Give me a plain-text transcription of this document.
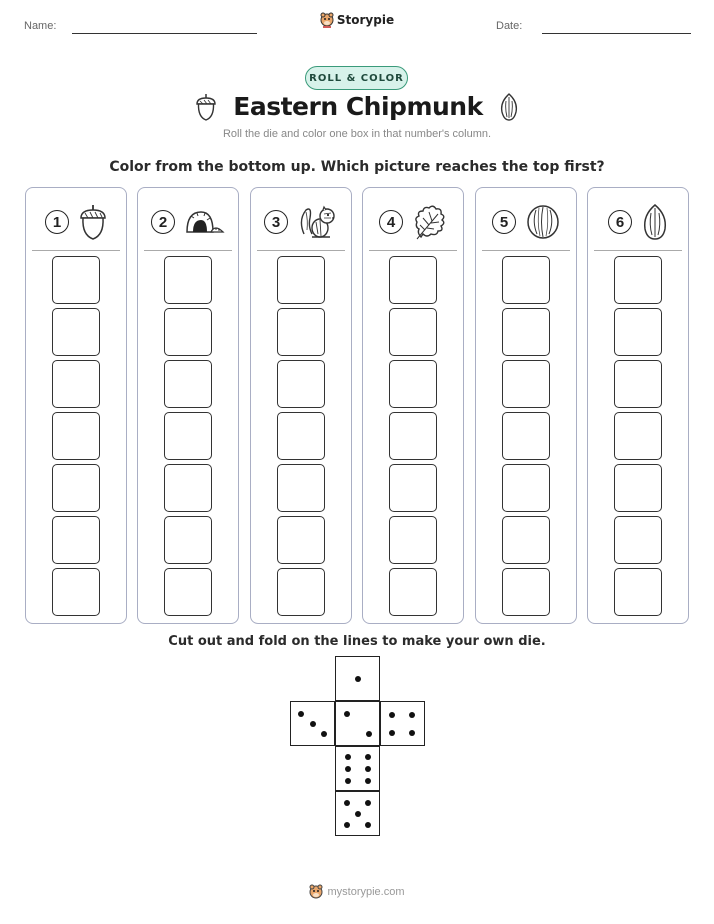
Name:	Storypie	Date:
ROLL & COLOR
Eastern Chipmunk
Roll the die and color one box in that number's column.
Color from the bottom up. Which picture reaches the top first?
1	2	3	4	5	6
Cut out and fold on the lines to make your own die.
mystorypie.com
